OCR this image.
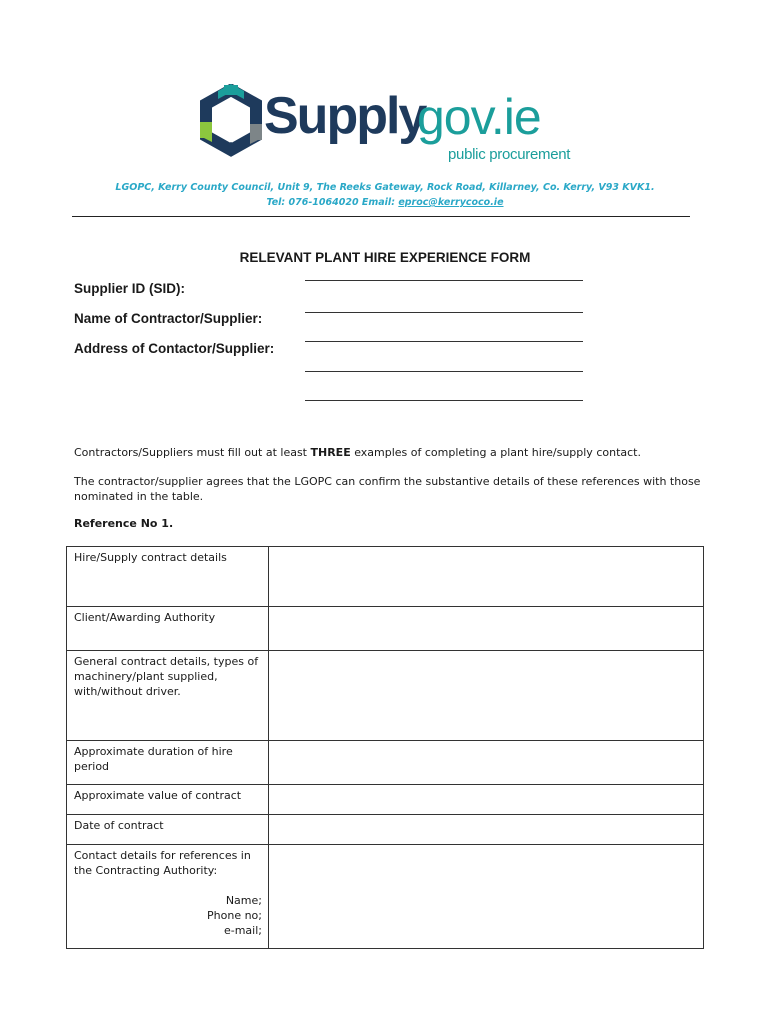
Supply
gov.ie
public procurement
LGOPC, Kerry County Council, Unit 9, The Reeks Gateway, Rock Road, Killarney, Co. Kerry, V93 KVK1.
Tel: 076-1064020 Email: eproc@kerrycoco.ie
RELEVANT PLANT HIRE EXPERIENCE FORM
Supplier ID (SID):
Name of Contractor/Supplier:
Address of Contactor/Supplier:
Contractors/Suppliers must fill out at least THREE examples of completing a plant hire/supply contact.
The contractor/supplier agrees that the LGOPC can confirm the substantive details of these references with those nominated in the table.
Reference No 1.
Hire/Supply contract details	
Client/Awarding Authority	
General contract details, types of machinery/plant supplied, with/without driver.	
Approximate duration of hire period	
Approximate value of contract	
Date of contract	

Contact details for references in the Contracting Authority:
Name;
Phone no;
e-mail;	
